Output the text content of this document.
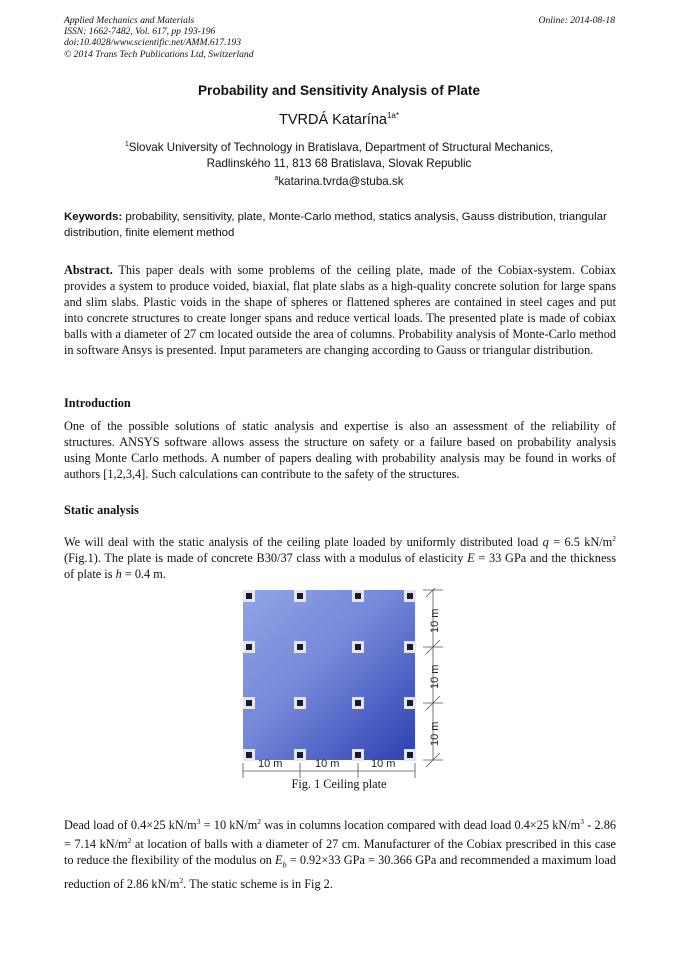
Applied Mechanics and Materials
ISSN: 1662-7482, Vol. 617, pp 193-196
doi:10.4028/www.scientific.net/AMM.617.193
© 2014 Trans Tech Publications Ltd, Switzerland
Online: 2014-08-18
Probability and Sensitivity Analysis of Plate
TVRDÁ Katarína$^{1a*}$
$^1$Slovak University of Technology in Bratislava, Department of Structural Mechanics,
Radlinského 11, 813 68 Bratislava, Slovak Republic
$^a$katarina.tvrda@stuba.sk
Keywords: probability, sensitivity, plate, Monte-Carlo method, statics analysis, Gauss distribution, triangular distribution, finite element method
Abstract. This paper deals with some problems of the ceiling plate, made of the Cobiax-system. Cobiax provides a system to produce voided, biaxial, flat plate slabs as a high-quality concrete solution for large spans and slim slabs. Plastic voids in the shape of spheres or flattened spheres are contained in steel cages and put into concrete structures to create longer spans and reduce vertical loads. The presented plate is made of cobiax balls with a diameter of 27 cm located outside the area of columns. Probability analysis of Monte-Carlo method in software Ansys is presented. Input parameters are changing according to Gauss or triangular distribution.
Introduction
One of the possible solutions of static analysis and expertise is also an assessment of the reliability of structures. ANSYS software allows assess the structure on safety or a failure based on probability analysis using Monte Carlo methods. A number of papers dealing with probability analysis may be found in works of authors [1,2,3,4]. Such calculations can contribute to the safety of the structures.
Static analysis
We will deal with the static analysis of the ceiling plate loaded by uniformly distributed load q = 6.5 $kN/m^2$ (Fig.1). The plate is made of concrete B30/37 class with a modulus of elasticity E = 33 GPa and the thickness of plate is h = 0.4 m.
10 m
10 m
10 m
10 m	10 m	10 m
Fig. 1 Ceiling plate
Dead load of 0.4×25 $kN/m^3 = 10$ $kN/m^2$ was in columns location compared with dead load 0.4×25 $kN/m^3 - 2.86 = 7.14$ $kN/m^2$ at location of balls with a diameter of 27 cm. Manufacturer of the Cobiax prescribed in this case to reduce the flexibility of the modulus on $E_b = 0.92\times 33$ GPa = 30.366 GPa and recommended a maximum load reduction of 2.86 $kN/m^2$. The static scheme is in Fig 2.
